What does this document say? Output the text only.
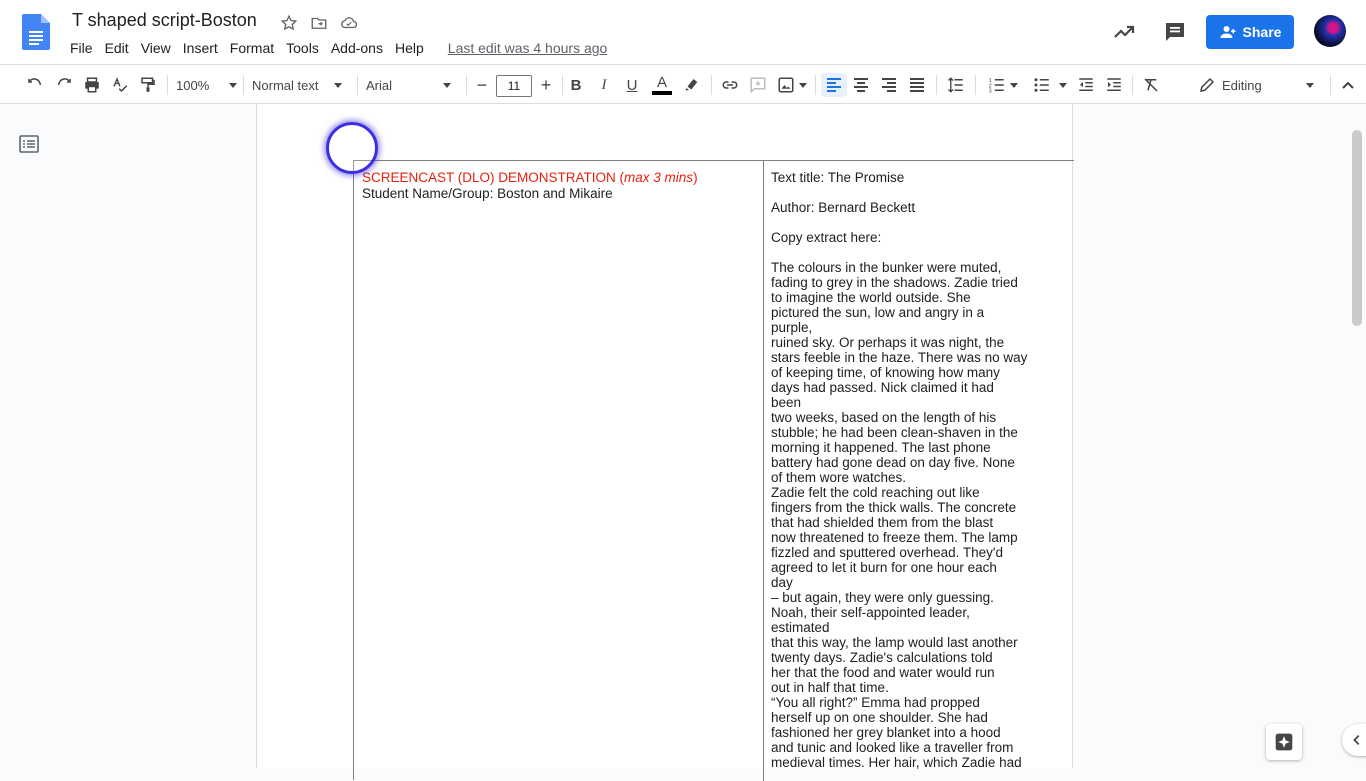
T shaped script-Boston
File Edit View Insert Format Tools Add-ons Help	Last edit was 4 hours ago
Share
100%	Normal text	Arial	−	11	+	B	I	U	A	1
2
3	Editing
SCREENCAST (DLO) DEMONSTRATION (max 3 mins)
Student Name/Group: Boston and Mikaire

Text title: The Promise

Author: Bernard Beckett

Copy extract here:

The colours in the bunker were muted,
fading to grey in the shadows. Zadie tried
to imagine the world outside. She
pictured the sun, low and angry in a
purple,
ruined sky. Or perhaps it was night, the
stars feeble in the haze. There was no way
of keeping time, of knowing how many
days had passed. Nick claimed it had
been
two weeks, based on the length of his
stubble; he had been clean-shaven in the
morning it happened. The last phone
battery had gone dead on day five. None
of them wore watches.
Zadie felt the cold reaching out like
fingers from the thick walls. The concrete
that had shielded them from the blast
now threatened to freeze them. The lamp
fizzled and sputtered overhead. They'd
agreed to let it burn for one hour each
day
– but again, they were only guessing.
Noah, their self-appointed leader,
estimated
that this way, the lamp would last another
twenty days. Zadie's calculations told
her that the food and water would run
out in half that time.
“You all right?” Emma had propped
herself up on one shoulder. She had
fashioned her grey blanket into a hood
and tunic and looked like a traveller from
medieval times. Her hair, which Zadie had
